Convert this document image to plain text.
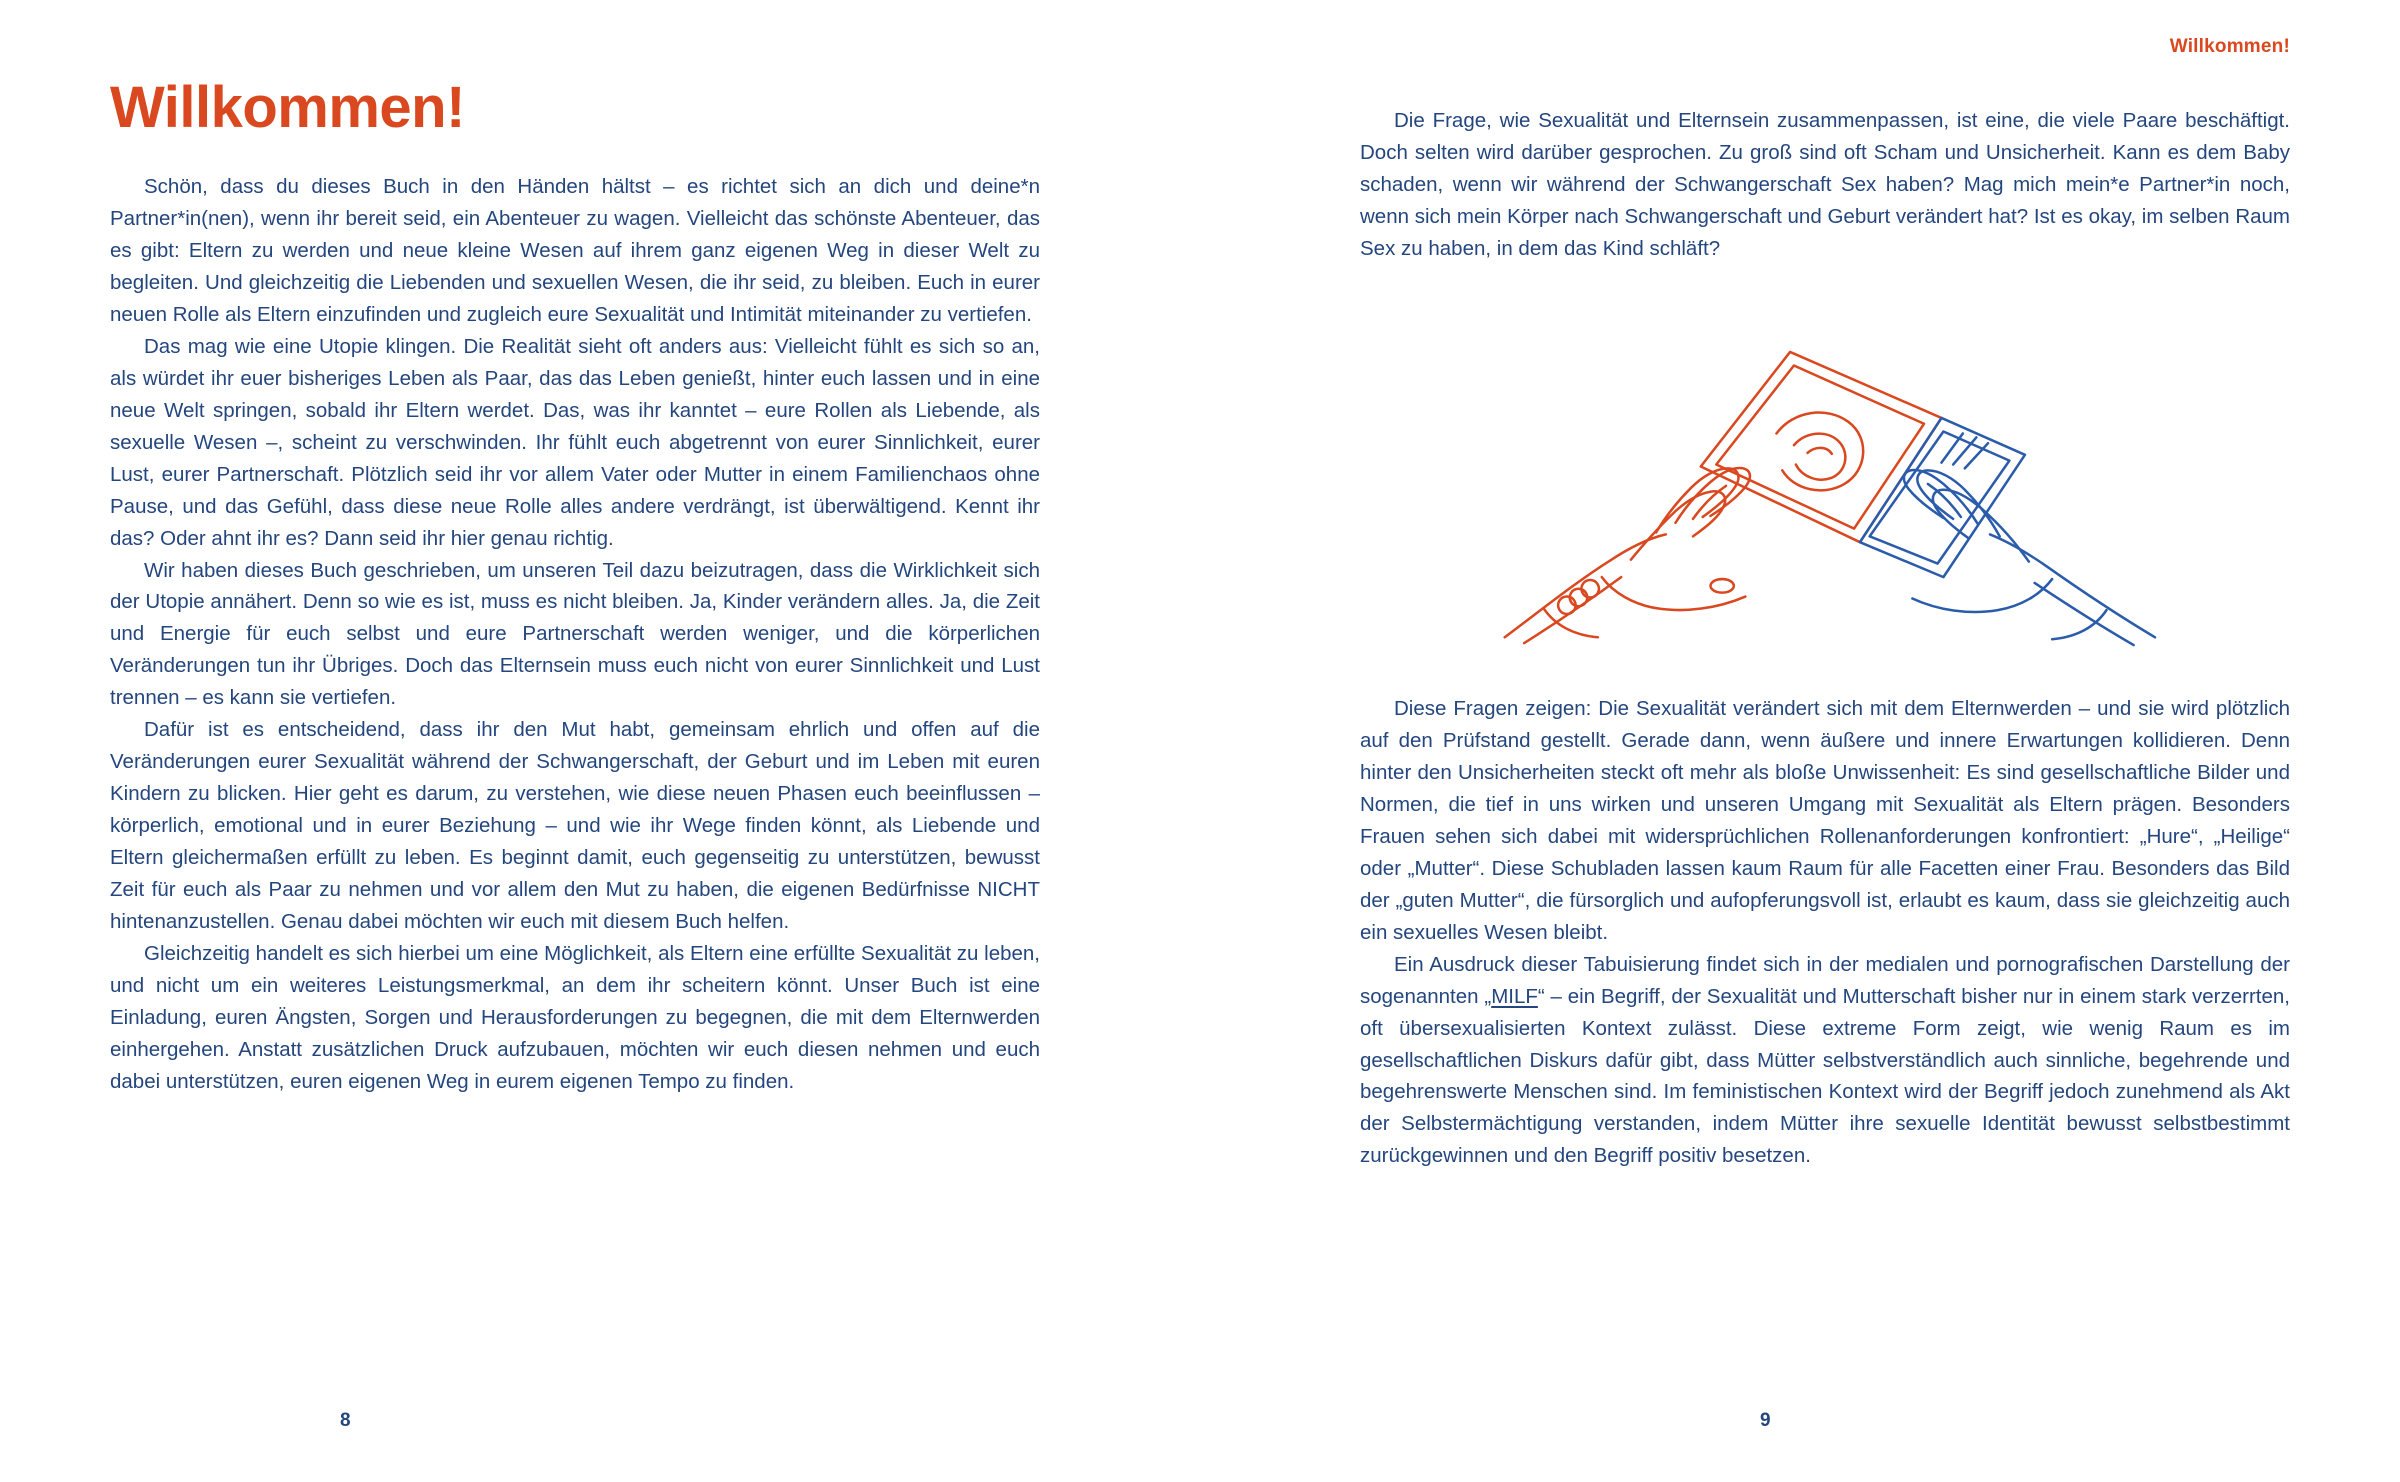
Willkommen!

Schön, dass du dieses Buch in den Händen hältst – es richtet sich an dich und deine*n Partner*in(nen), wenn ihr bereit seid, ein Abenteuer zu wagen. Vielleicht das schönste Abenteuer, das es gibt: Eltern zu werden und neue kleine Wesen auf ihrem ganz eigenen Weg in dieser Welt zu begleiten. Und gleichzeitig die Liebenden und sexuellen Wesen, die ihr seid, zu bleiben. Euch in eurer neuen Rolle als Eltern einzufinden und zugleich eure Sexualität und Intimität miteinander zu vertiefen.

Das mag wie eine Utopie klingen. Die Realität sieht oft anders aus: Vielleicht fühlt es sich so an, als würdet ihr euer bisheriges Leben als Paar, das das Leben genießt, hinter euch lassen und in eine neue Welt springen, sobald ihr Eltern werdet. Das, was ihr kanntet – eure Rollen als Liebende, als sexuelle Wesen –, scheint zu verschwinden. Ihr fühlt euch abgetrennt von eurer Sinnlichkeit, eurer Lust, eurer Partnerschaft. Plötzlich seid ihr vor allem Vater oder Mutter in einem Familienchaos ohne Pause, und das Gefühl, dass diese neue Rolle alles andere verdrängt, ist überwältigend. Kennt ihr das? Oder ahnt ihr es? Dann seid ihr hier genau richtig.

Wir haben dieses Buch geschrieben, um unseren Teil dazu beizutragen, dass die Wirklichkeit sich der Utopie annähert. Denn so wie es ist, muss es nicht bleiben. Ja, Kinder verändern alles. Ja, die Zeit und Energie für euch selbst und eure Partnerschaft werden weniger, und die körperlichen Veränderungen tun ihr Übriges. Doch das Elternsein muss euch nicht von eurer Sinnlichkeit und Lust trennen – es kann sie vertiefen.

Dafür ist es entscheidend, dass ihr den Mut habt, gemeinsam ehrlich und offen auf die Veränderungen eurer Sexualität während der Schwangerschaft, der Geburt und im Leben mit euren Kindern zu blicken. Hier geht es darum, zu verstehen, wie diese neuen Phasen euch beeinflussen – körperlich, emotional und in eurer Beziehung – und wie ihr Wege finden könnt, als Liebende und Eltern gleichermaßen erfüllt zu leben. Es beginnt damit, euch gegenseitig zu unterstützen, bewusst Zeit für euch als Paar zu nehmen und vor allem den Mut zu haben, die eigenen Bedürfnisse NICHT hintenanzustellen. Genau dabei möchten wir euch mit diesem Buch helfen.

Gleichzeitig handelt es sich hierbei um eine Möglichkeit, als Eltern eine erfüllte Sexualität zu leben, und nicht um ein weiteres Leistungsmerkmal, an dem ihr scheitern könnt. Unser Buch ist eine Einladung, euren Ängsten, Sorgen und Herausforderungen zu begegnen, die mit dem Elternwerden einhergehen. Anstatt zusätzlichen Druck aufzubauen, möchten wir euch diesen nehmen und euch dabei unterstützen, euren eigenen Weg in eurem eigenen Tempo zu finden.

8
Willkommen!

Die Frage, wie Sexualität und Elternsein zusammenpassen, ist eine, die viele Paare beschäftigt. Doch selten wird darüber gesprochen. Zu groß sind oft Scham und Unsicherheit. Kann es dem Baby schaden, wenn wir während der Schwangerschaft Sex haben? Mag mich mein*e Partner*in noch, wenn sich mein Körper nach Schwangerschaft und Geburt verändert hat? Ist es okay, im selben Raum Sex zu haben, in dem das Kind schläft?

Diese Fragen zeigen: Die Sexualität verändert sich mit dem Elternwerden – und sie wird plötzlich auf den Prüfstand gestellt. Gerade dann, wenn äußere und innere Erwartungen kollidieren. Denn hinter den Unsicherheiten steckt oft mehr als bloße Unwissenheit: Es sind gesellschaftliche Bilder und Normen, die tief in uns wirken und unseren Umgang mit Sexualität als Eltern prägen. Besonders Frauen sehen sich dabei mit widersprüchlichen Rollenanforderungen konfrontiert: „Hure“, „Heilige“ oder „Mutter“. Diese Schubladen lassen kaum Raum für alle Facetten einer Frau. Besonders das Bild der „guten Mutter“, die fürsorglich und aufopferungsvoll ist, erlaubt es kaum, dass sie gleichzeitig auch ein sexuelles Wesen bleibt.

Ein Ausdruck dieser Tabuisierung findet sich in der medialen und pornografischen Darstellung der sogenannten „MILF“ – ein Begriff, der Sexualität und Mutterschaft bisher nur in einem stark verzerrten, oft übersexualisierten Kontext zulässt. Diese extreme Form zeigt, wie wenig Raum es im gesellschaftlichen Diskurs dafür gibt, dass Mütter selbstverständlich auch sinnliche, begehrende und begehrenswerte Menschen sind. Im feministischen Kontext wird der Begriff jedoch zunehmend als Akt der Selbstermächtigung verstanden, indem Mütter ihre sexuelle Identität bewusst selbstbestimmt zurückgewinnen und den Begriff positiv besetzen.

9
